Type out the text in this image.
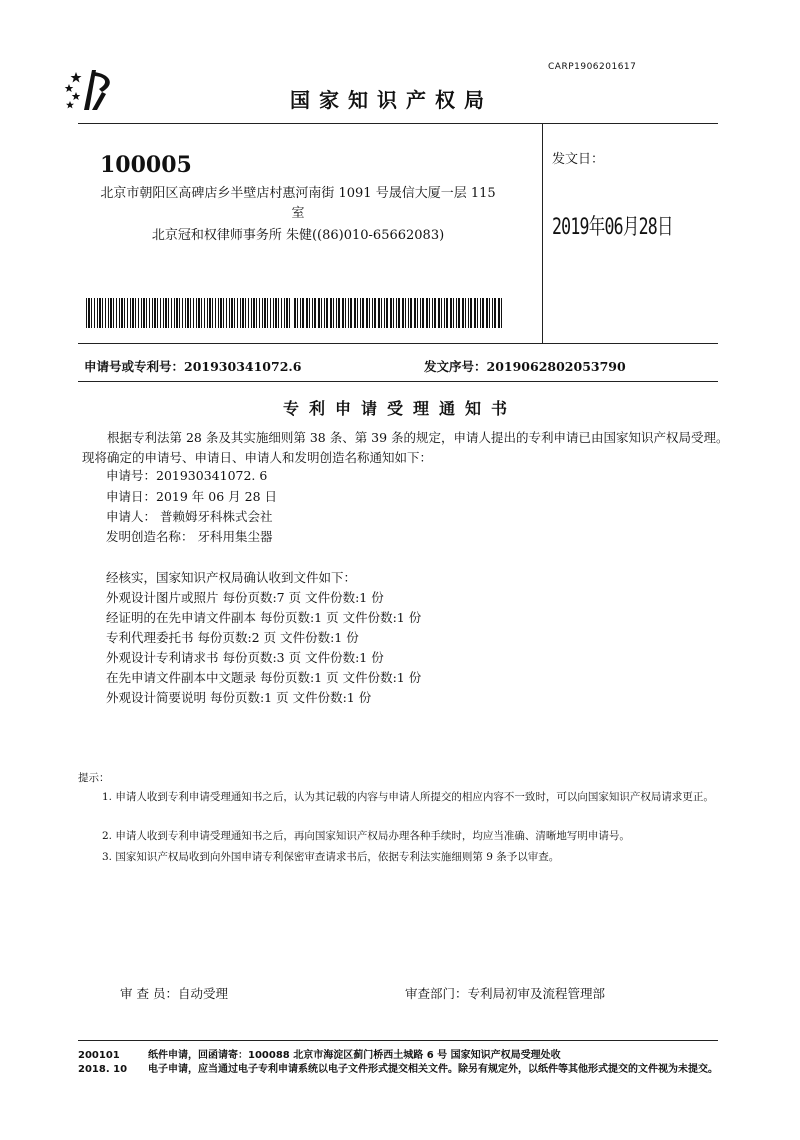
CARP1906201617
国家知识产权局
100005
北京市朝阳区高碑店乡半壁店村惠河南街 1091 号晟信大厦一层 115
室
北京冠和权律师事务所 朱健((86)010-65662083)
发文日：
2019年06月28日
申请号或专利号：201930341072.6	发文序号：2019062802053790
专利申请受理通知书
根据专利法第 28 条及其实施细则第 38 条、第 39 条的规定，申请人提出的专利申请已由国家知识产权局受理。现将确定的申请号、申请日、申请人和发明创造名称通知如下：
申请号：201930341072. 6
申请日：2019 年 06 月 28 日
申请人： 普赖姆牙科株式会社
发明创造名称： 牙科用集尘器
经核实，国家知识产权局确认收到文件如下：
外观设计图片或照片 每份页数:7 页 文件份数:1 份
经证明的在先申请文件副本 每份页数:1 页 文件份数:1 份
专利代理委托书 每份页数:2 页 文件份数:1 份
外观设计专利请求书 每份页数:3 页 文件份数:1 份
在先申请文件副本中文题录 每份页数:1 页 文件份数:1 份
外观设计简要说明 每份页数:1 页 文件份数:1 份
提示：
1. 申请人收到专利申请受理通知书之后，认为其记载的内容与申请人所提交的相应内容不一致时，可以向国家知识产权局请求更正。
2. 申请人收到专利申请受理通知书之后，再向国家知识产权局办理各种手续时，均应当准确、清晰地写明申请号。
3. 国家知识产权局收到向外国申请专利保密审查请求书后，依据专利法实施细则第 9 条予以审查。
审 查 员：自动受理	审查部门：专利局初审及流程管理部
200101
2018. 10
纸件申请，回函请寄：100088 北京市海淀区蓟门桥西土城路 6 号 国家知识产权局受理处收
电子申请，应当通过电子专利申请系统以电子文件形式提交相关文件。除另有规定外，以纸件等其他形式提交的文件视为未提交。
